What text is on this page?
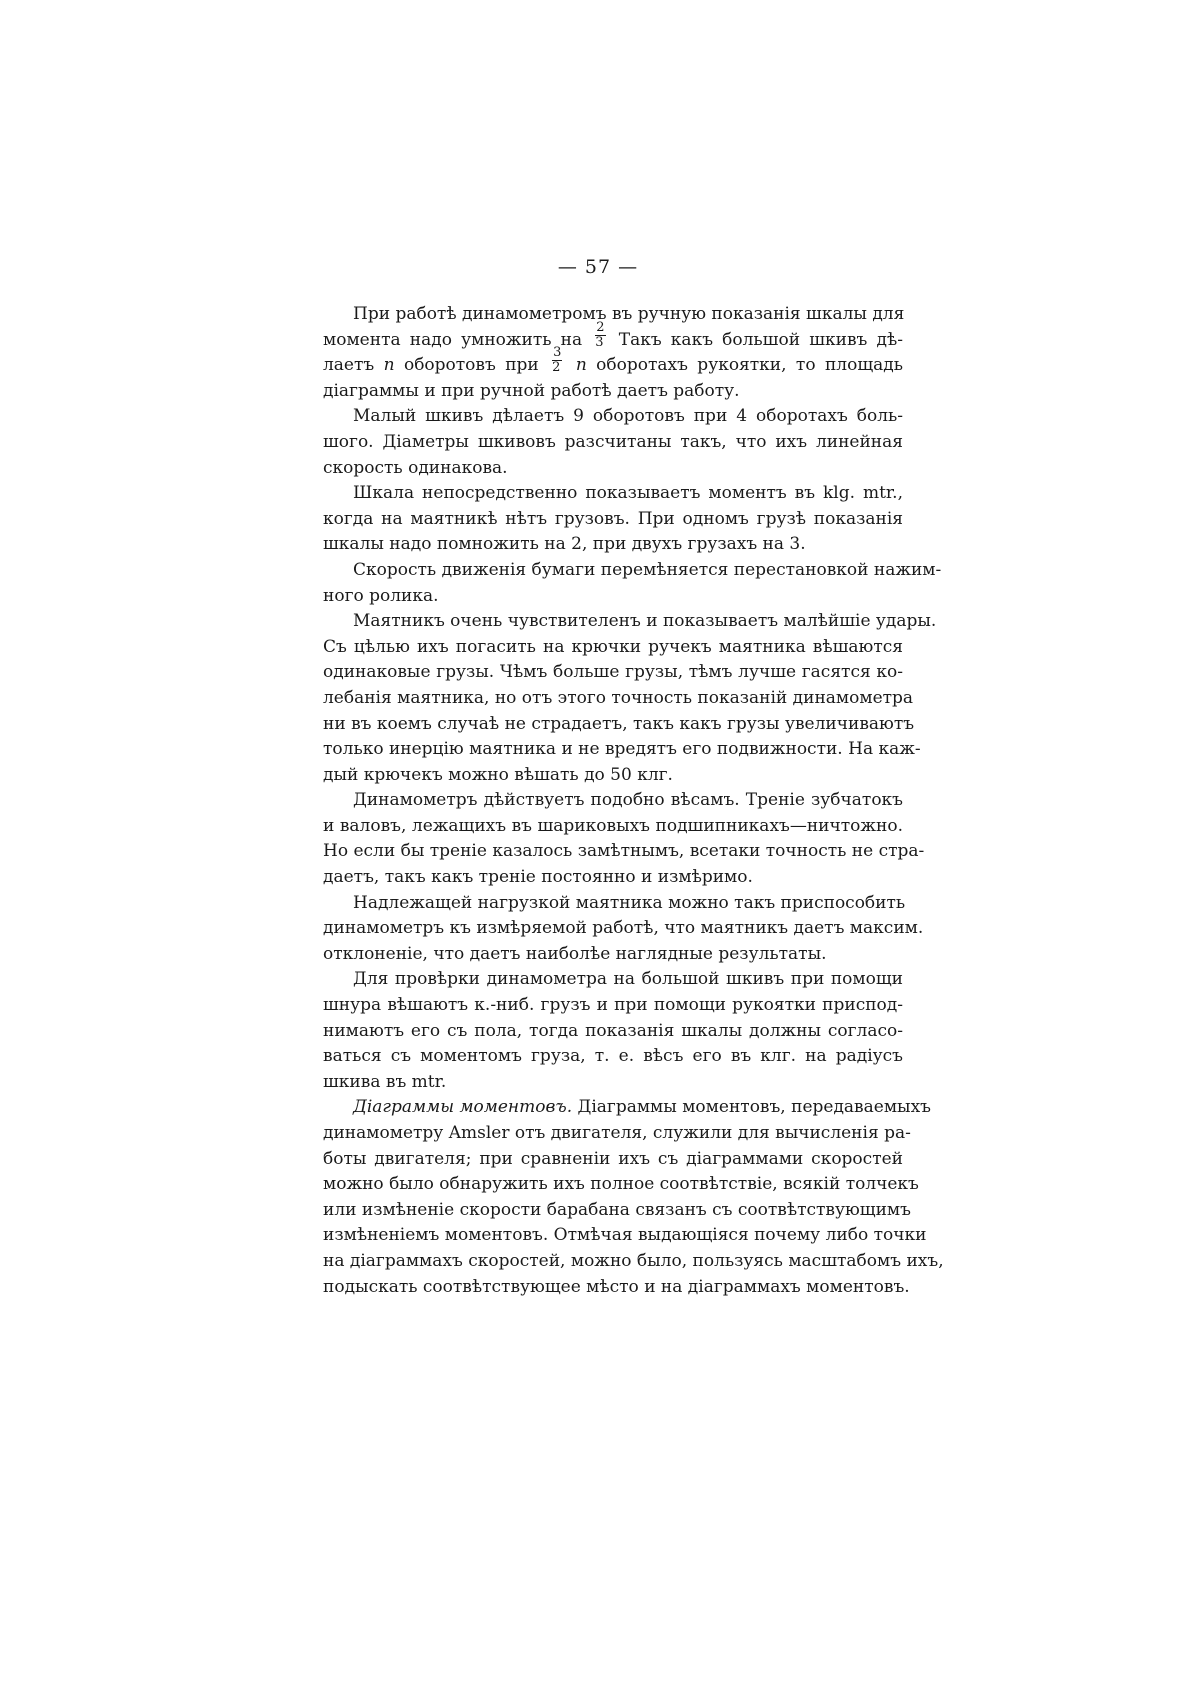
— 57 —
При работѣ динамометромъ въ ручную показанія шкалы для
момента надо умножить на $\frac{2}{3}$ Такъ какъ большой шкивъ дѣ-
лаетъ n оборотовъ при $\frac{3}{2}$ n оборотахъ рукоятки, то площадь
діаграммы и при ручной работѣ даетъ работу.
Малый шкивъ дѣлаетъ 9 оборотовъ при 4 оборотахъ боль-
шого. Діаметры шкивовъ разсчитаны такъ, что ихъ линейная
скорость одинакова.
Шкала непосредственно показываетъ моментъ въ klg. mtr.,
когда на маятникѣ нѣтъ грузовъ. При одномъ грузѣ показанія
шкалы надо помножить на 2, при двухъ грузахъ на 3.
Скорость движенія бумаги перемѣняется перестановкой нажим-
ного ролика.
Маятникъ очень чувствителенъ и показываетъ малѣйшіе удары.
Съ цѣлью ихъ погасить на крючки ручекъ маятника вѣшаются
одинаковые грузы. Чѣмъ больше грузы, тѣмъ лучше гасятся ко-
лебанія маятника, но отъ этого точность показаній динамометра
ни въ коемъ случаѣ не страдаетъ, такъ какъ грузы увеличиваютъ
только инерцію маятника и не вредятъ его подвижности. На каж-
дый крючекъ можно вѣшать до 50 клг.
Динамометръ дѣйствуетъ подобно вѣсамъ. Треніе зубчатокъ
и валовъ, лежащихъ въ шариковыхъ подшипникахъ—ничтожно.
Но если бы треніе казалось замѣтнымъ, всетаки точность не стра-
даетъ, такъ какъ треніе постоянно и измѣримо.
Надлежащей нагрузкой маятника можно такъ приспособить
динамометръ къ измѣряемой работѣ, что маятникъ даетъ максим.
отклоненіе, что даетъ наиболѣе наглядные результаты.
Для провѣрки динамометра на большой шкивъ при помощи
шнура вѣшаютъ к.-ниб. грузъ и при помощи рукоятки приспод-
нимаютъ его съ пола, тогда показанія шкалы должны согласо-
ваться съ моментомъ груза, т. е. вѣсъ его въ клг. на радіусъ
шкива въ mtr.
Діаграммы моментовъ. Діаграммы моментовъ, передаваемыхъ
динамометру Amsler отъ двигателя, служили для вычисленія ра-
боты двигателя; при сравненіи ихъ съ діаграммами скоростей
можно было обнаружить ихъ полное соотвѣтствіе, всякій толчекъ
или измѣненіе скорости барабана связанъ съ соотвѣтствующимъ
измѣненіемъ моментовъ. Отмѣчая выдающіяся почему либо точки
на діаграммахъ скоростей, можно было, пользуясь масштабомъ ихъ,
подыскать соотвѣтствующее мѣсто и на діаграммахъ моментовъ.
